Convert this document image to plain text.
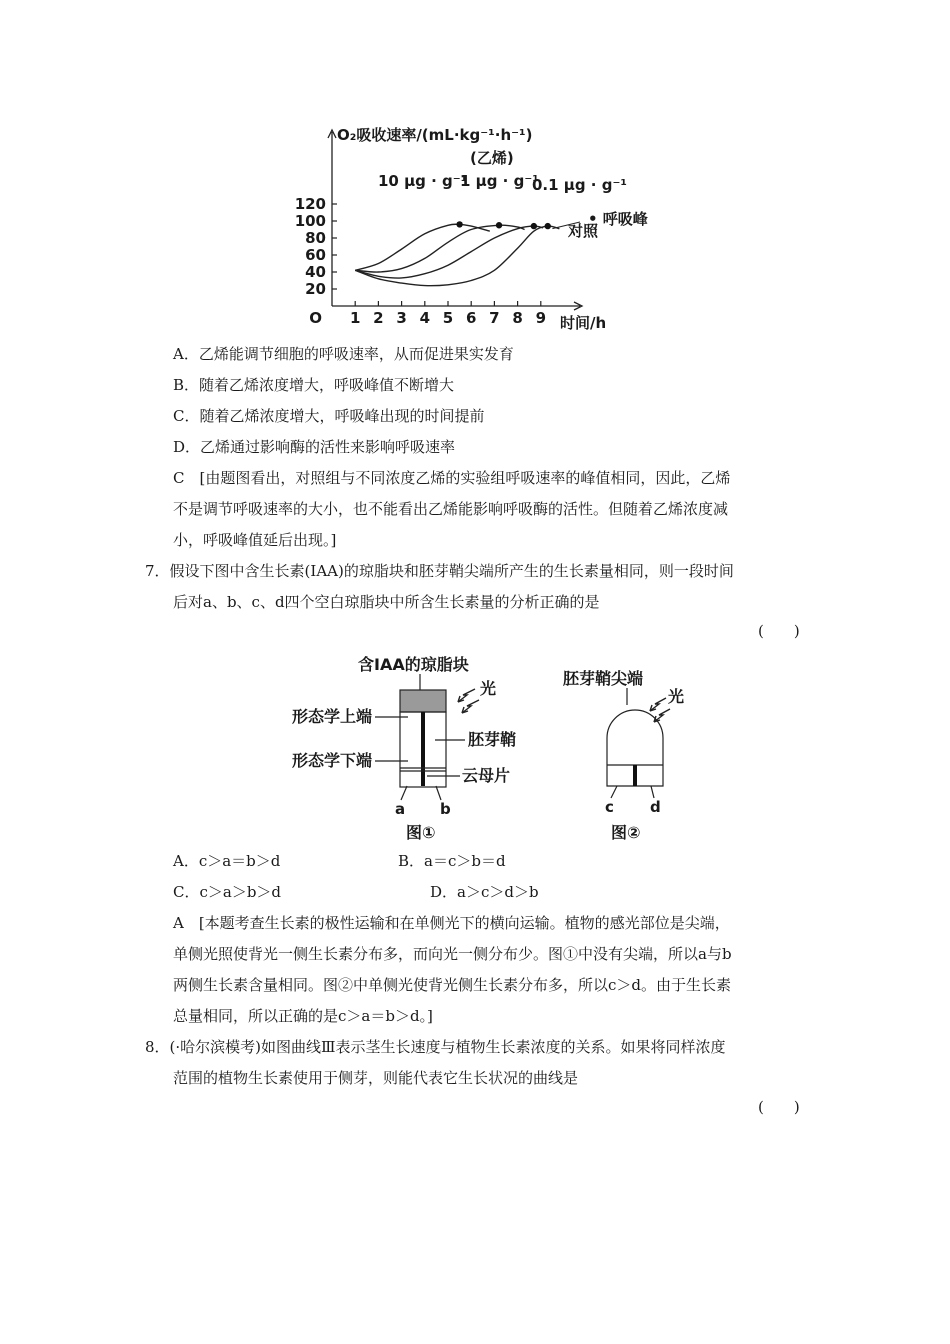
20
40
60
80
100
120
1 2 3 4 5 6 7 8 9
O	时间/h
O₂吸收速率/(mL·kg⁻¹·h⁻¹)
(乙烯)
10 μg · g⁻¹
1 μg · g⁻¹
0.1 μg · g⁻¹
对照
• 呼吸峰
A．乙烯能调节细胞的呼吸速率，从而促进果实发育
B．随着乙烯浓度增大，呼吸峰值不断增大
C．随着乙烯浓度增大，呼吸峰出现的时间提前
D．乙烯通过影响酶的活性来影响呼吸速率
C　[由题图看出，对照组与不同浓度乙烯的实验组呼吸速率的峰值相同，因此，乙烯
不是调节呼吸速率的大小，也不能看出乙烯能影响呼吸酶的活性。但随着乙烯浓度减
小，呼吸峰值延后出现。]
7．假设下图中含生长素(IAA)的琼脂块和胚芽鞘尖端所产生的生长素量相同，则一段时间
后对a、b、c、d四个空白琼脂块中所含生长素量的分析正确的是
(　　)
含IAA的琼脂块
光
形态学上端
形态学下端
胚芽鞘
云母片
a b
图①
胚芽鞘尖端
光
c d
图②
A．c＞a＝b＞d	B．a＝c＞b＝d
C．c＞a＞b＞d	D．a＞c＞d＞b
A　[本题考查生长素的极性运输和在单侧光下的横向运输。植物的感光部位是尖端，
单侧光照使背光一侧生长素分布多，而向光一侧分布少。图①中没有尖端，所以a与b
两侧生长素含量相同。图②中单侧光使背光侧生长素分布多，所以c＞d。由于生长素
总量相同，所以正确的是c＞a＝b＞d。]
8．(·哈尔滨模考)如图曲线Ⅲ表示茎生长速度与植物生长素浓度的关系。如果将同样浓度
范围的植物生长素使用于侧芽，则能代表它生长状况的曲线是
(　　)
